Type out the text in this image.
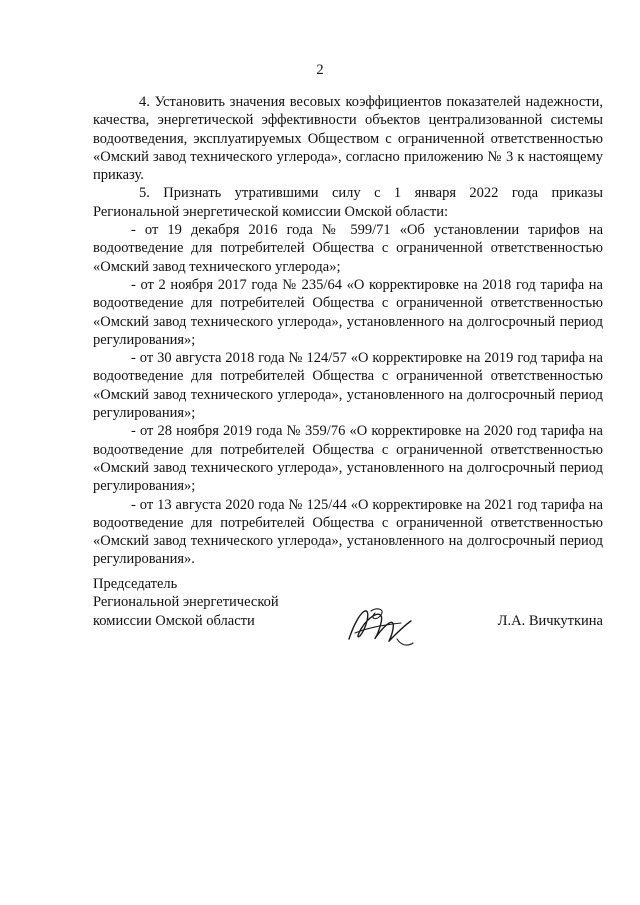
2

4. Установить значения весовых коэффициентов показателей надежности, качества, энергетической эффективности объектов централизованной системы водоотведения, эксплуатируемых Обществом с ограниченной ответственностью «Омский завод технического углерода», согласно приложению № 3 к настоящему приказу.

5. Признать утратившими силу с 1 января 2022 года приказы Региональной энергетической комиссии Омской области:

- от 19 декабря 2016 года № 599/71 «Об установлении тарифов на водоотведение для потребителей Общества с ограниченной ответственностью «Омский завод технического углерода»;

- от 2 ноября 2017 года № 235/64 «О корректировке на 2018 год тарифа на водоотведение для потребителей Общества с ограниченной ответственностью «Омский завод технического углерода», установленного на долгосрочный период регулирования»;

- от 30 августа 2018 года № 124/57 «О корректировке на 2019 год тарифа на водоотведение для потребителей Общества с ограниченной ответственностью «Омский завод технического углерода», установленного на долгосрочный период регулирования»;

- от 28 ноября 2019 года № 359/76 «О корректировке на 2020 год тарифа на водоотведение для потребителей Общества с ограниченной ответственностью «Омский завод технического углерода», установленного на долгосрочный период регулирования»;

- от 13 августа 2020 года № 125/44 «О корректировке на 2021 год тарифа на водоотведение для потребителей Общества с ограниченной ответственностью «Омский завод технического углерода», установленного на долгосрочный период регулирования».

Председатель
Региональной энергетической
комиссии Омской области	Л.А. Вичкуткина
